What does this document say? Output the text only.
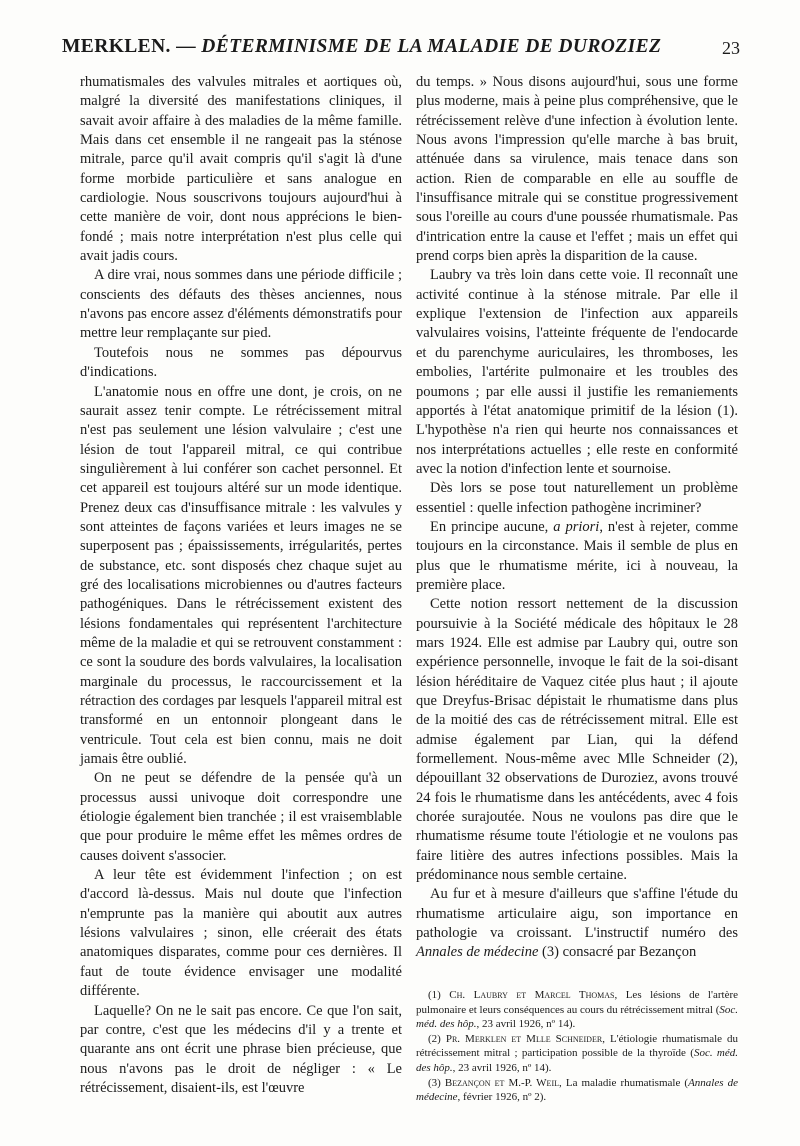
MERKLEN. — DÉTERMINISME DE LA MALADIE DE DUROZIEZ	23

rhumatismales des valvules mitrales et aortiques où, malgré la diversité des manifestations cliniques, il savait avoir affaire à des maladies de la même famille. Mais dans cet ensemble il ne rangeait pas la sténose mitrale, parce qu'il avait compris qu'il s'agit là d'une forme morbide particulière et sans analogue en cardiologie. Nous souscrivons toujours aujourd'hui à cette manière de voir, dont nous apprécions le bien-fondé ; mais notre interprétation n'est plus celle qui avait jadis cours.

A dire vrai, nous sommes dans une période difficile ; conscients des défauts des thèses anciennes, nous n'avons pas encore assez d'éléments démonstratifs pour mettre leur remplaçante sur pied.

Toutefois nous ne sommes pas dépourvus d'indications.

L'anatomie nous en offre une dont, je crois, on ne saurait assez tenir compte. Le rétrécissement mitral n'est pas seulement une lésion valvulaire ; c'est une lésion de tout l'appareil mitral, ce qui contribue singulièrement à lui conférer son cachet personnel. Et cet appareil est toujours altéré sur un mode identique. Prenez deux cas d'insuffisance mitrale : les valvules y sont atteintes de façons variées et leurs images ne se superposent pas ; épaississements, irrégularités, pertes de substance, etc. sont disposés chez chaque sujet au gré des localisations microbiennes ou d'autres facteurs pathogéniques. Dans le rétrécissement existent des lésions fondamentales qui représentent l'architecture même de la maladie et qui se retrouvent constamment : ce sont la soudure des bords valvulaires, la localisation marginale du processus, le raccourcissement et la rétraction des cordages par lesquels l'appareil mitral est transformé en un entonnoir plongeant dans le ventricule. Tout cela est bien connu, mais ne doit jamais être oublié.

On ne peut se défendre de la pensée qu'à un processus aussi univoque doit correspondre une étiologie également bien tranchée ; il est vraisemblable que pour produire le même effet les mêmes ordres de causes doivent s'associer.

A leur tête est évidemment l'infection ; on est d'accord là-dessus. Mais nul doute que l'infection n'emprunte pas la manière qui aboutit aux autres lésions valvulaires ; sinon, elle créerait des états anatomiques disparates, comme pour ces dernières. Il faut de toute évidence envisager une modalité différente.

Laquelle? On ne le sait pas encore. Ce que l'on sait, par contre, c'est que les médecins d'il y a trente et quarante ans ont écrit une phrase bien précieuse, que nous n'avons pas le droit de négliger : « Le rétrécissement, disaient-ils, est l'œuvre

du temps. » Nous disons aujourd'hui, sous une forme plus moderne, mais à peine plus compréhensive, que le rétrécissement relève d'une infection à évolution lente. Nous avons l'impression qu'elle marche à bas bruit, atténuée dans sa virulence, mais tenace dans son action. Rien de comparable en elle au souffle de l'insuffisance mitrale qui se constitue progressivement sous l'oreille au cours d'une poussée rhumatismale. Pas d'intrication entre la cause et l'effet ; mais un effet qui prend corps bien après la disparition de la cause.

Laubry va très loin dans cette voie. Il reconnaît une activité continue à la sténose mitrale. Par elle il explique l'extension de l'infection aux appareils valvulaires voisins, l'atteinte fréquente de l'endocarde et du parenchyme auriculaires, les thromboses, les embolies, l'artérite pulmonaire et les troubles des poumons ; par elle aussi il justifie les remaniements apportés à l'état anatomique primitif de la lésion (1). L'hypothèse n'a rien qui heurte nos connaissances et nos interprétations actuelles ; elle reste en conformité avec la notion d'infection lente et sournoise.

Dès lors se pose tout naturellement un problème essentiel : quelle infection pathogène incriminer?

En principe aucune, a priori, n'est à rejeter, comme toujours en la circonstance. Mais il semble de plus en plus que le rhumatisme mérite, ici à nouveau, la première place.

Cette notion ressort nettement de la discussion poursuivie à la Société médicale des hôpitaux le 28 mars 1924. Elle est admise par Laubry qui, outre son expérience personnelle, invoque le fait de la soi-disant lésion héréditaire de Vaquez citée plus haut ; il ajoute que Dreyfus-Brisac dépistait le rhumatisme dans plus de la moitié des cas de rétrécissement mitral. Elle est admise également par Lian, qui la défend formellement. Nous-même avec Mlle Schneider (2), dépouillant 32 observations de Duroziez, avons trouvé 24 fois le rhumatisme dans les antécédents, avec 4 fois chorée surajoutée. Nous ne voulons pas dire que le rhumatisme résume toute l'étiologie et ne voulons pas faire litière des autres infections possibles. Mais la prédominance nous semble certaine.

Au fur et à mesure d'ailleurs que s'affine l'étude du rhumatisme articulaire aigu, son importance en pathologie va croissant. L'instructif numéro des Annales de médecine (3) consacré par Bezançon

(1) Ch. Laubry et Marcel Thomas, Les lésions de l'artère pulmonaire et leurs conséquences au cours du rétrécissement mitral (Soc. méd. des hôp., 23 avril 1926, nº 14).

(2) Pr. Merklen et Mlle Schneider, L'étiologie rhumatismale du rétrécissement mitral ; participation possible de la thyroïde (Soc. méd. des hôp., 23 avril 1926, nº 14).

(3) Bezançon et M.-P. Weil, La maladie rhumatismale (Annales de médecine, février 1926, nº 2).
